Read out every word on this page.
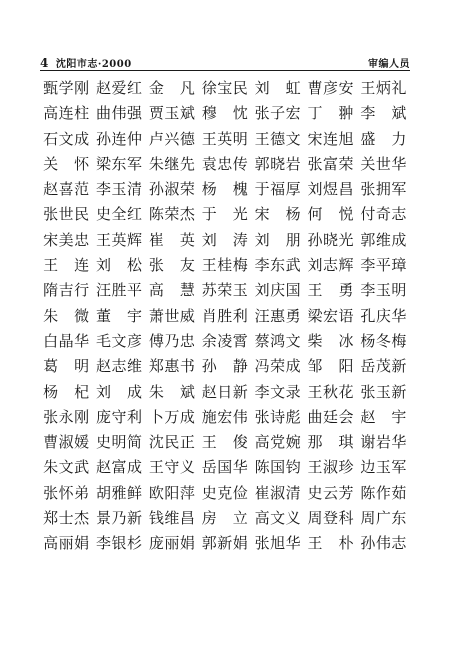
4 沈阳市志·2000	审编人员
甄学刚 赵爱红 金　凡 徐宝民 刘　虹 曹彦安 王炳礼
高连柱 曲伟强 贾玉斌 穆　忱 张子宏 丁　翀 李　斌
石文成 孙连仲 卢兴德 王英明 王德文 宋连旭 盛　力
关　怀 梁东军 朱继先 袁忠传 郭晓岩 张富荣 关世华
赵喜范 李玉清 孙淑荣 杨　槐 于福厚 刘煜昌 张拥军
张世民 史全红 陈荣杰 于　光 宋　杨 何　悦 付奇志
宋美忠 王英辉 崔　英 刘　涛 刘　朋 孙晓光 郭维成
王　连 刘　松 张　友 王桂梅 李东武 刘志辉 李平璋
隋吉行 汪胜平 高　慧 苏荣玉 刘庆国 王　勇 李玉明
朱　微 董　宇 萧世威 肖胜利 汪惠勇 梁宏语 孔庆华
白晶华 毛文彦 傅乃忠 余凌霄 蔡鸿文 柴　冰 杨冬梅
葛　明 赵志维 郑惠书 孙　静 冯荣成 邹　阳 岳茂新
杨　杞 刘　成 朱　斌 赵日新 李文录 王秋花 张玉新
张永刚 庞守利 卜万成 施宏伟 张诗彪 曲廷会 赵　宇
曹淑媛 史明简 沈民正 王　俊 高党婉 那　琪 谢岩华
朱文武 赵富成 王守义 岳国华 陈国钧 王淑珍 边玉军
张怀弟 胡雅鲜 欧阳萍 史克俭 崔淑清 史云芳 陈作茹
郑士杰 景乃新 钱维昌 房　立 高文义 周登科 周广东
高丽娟 李银杉 庞丽娟 郭新娟 张旭华 王　朴 孙伟志
